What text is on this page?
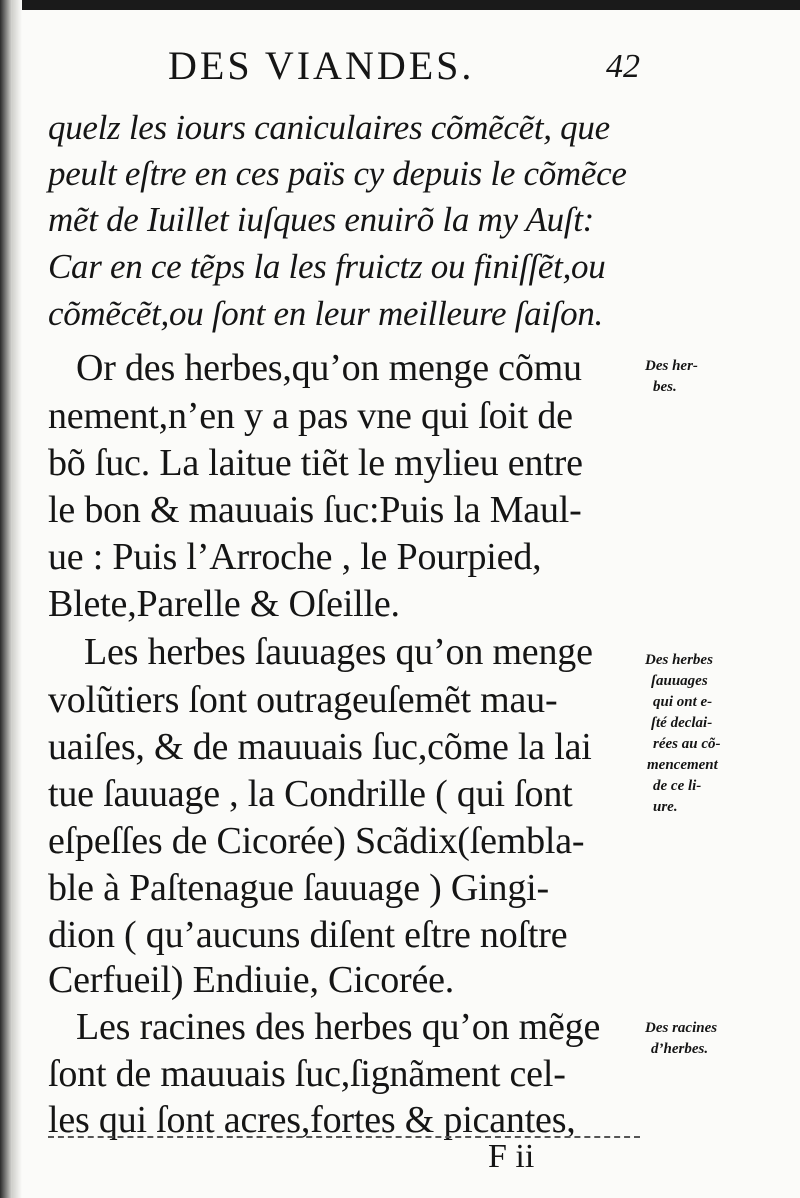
DES VIANDES.	42
quelz les iours caniculaires cõmẽcẽt, que
peult eſtre en ces païs cy depuis le cõmẽce
mẽt de Iuillet iuſques enuirõ la my Auſt:
Car en ce tẽps la les fruictz ou finiſſẽt,ou
cõmẽcẽt,ou ſont en leur meilleure ſaiſon.
Or des herbes,qu’on menge cõmu
nement,n’en y a pas vne qui ſoit de
bõ ſuc. La laitue tiẽt le mylieu entre
le bon & mauuais ſuc:Puis la Maul-
ue : Puis l’Arroche , le Pourpied,
Blete,Parelle & Oſeille.
Les herbes ſauuages qu’on menge
volũtiers ſont outrageuſemẽt mau-
uaiſes, & de mauuais ſuc,cõme la lai
tue ſauuage , la Condrille ( qui ſont
eſpeſſes de Cicorée) Scãdix(ſembla-
ble à Paſtenague ſauuage ) Gingi-
dion ( qu’aucuns diſent eſtre noſtre
Cerfueil) Endiuie, Cicorée.
Les racines des herbes qu’on mẽge
ſont de mauuais ſuc,ſignãment cel-
les qui ſont acres,fortes & picantes,
Des her-
bes.
Des herbes
ſauuages
qui ont e-
ſté declai-
rées au cõ-
mencement
de ce li-
ure.
Des racines
d’herbes.
F ii
